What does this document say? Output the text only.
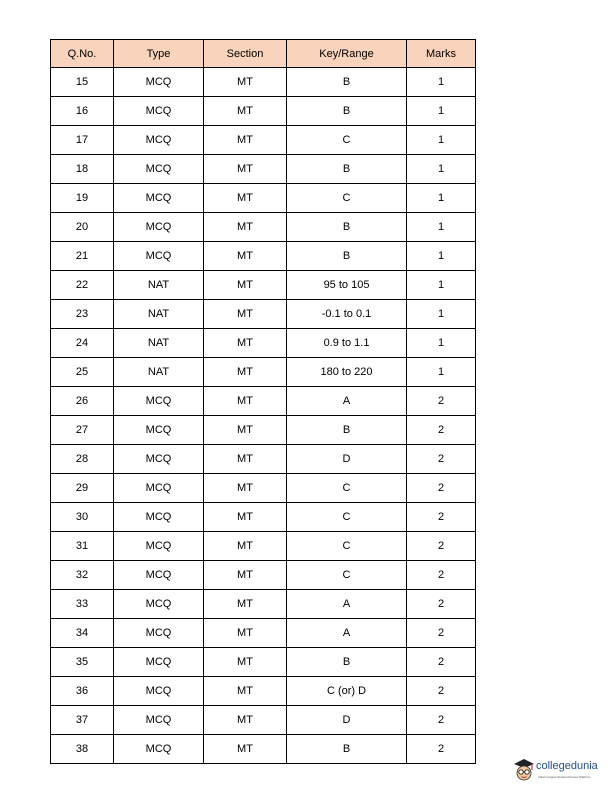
Q.No.	Type	Section	Key/Range	Marks
15	MCQ	MT	B	1
16	MCQ	MT	B	1
17	MCQ	MT	C	1
18	MCQ	MT	B	1
19	MCQ	MT	C	1
20	MCQ	MT	B	1
21	MCQ	MT	B	1
22	NAT	MT	95 to 105	1
23	NAT	MT	-0.1 to 0.1	1
24	NAT	MT	0.9 to 1.1	1
25	NAT	MT	180 to 220	1
26	MCQ	MT	A	2
27	MCQ	MT	B	2
28	MCQ	MT	D	2
29	MCQ	MT	C	2
30	MCQ	MT	C	2
31	MCQ	MT	C	2
32	MCQ	MT	C	2
33	MCQ	MT	A	2
34	MCQ	MT	A	2
35	MCQ	MT	B	2
36	MCQ	MT	C (or) D	2
37	MCQ	MT	D	2
38	MCQ	MT	B	2
collegedunia
India's largest Student Review Platform
